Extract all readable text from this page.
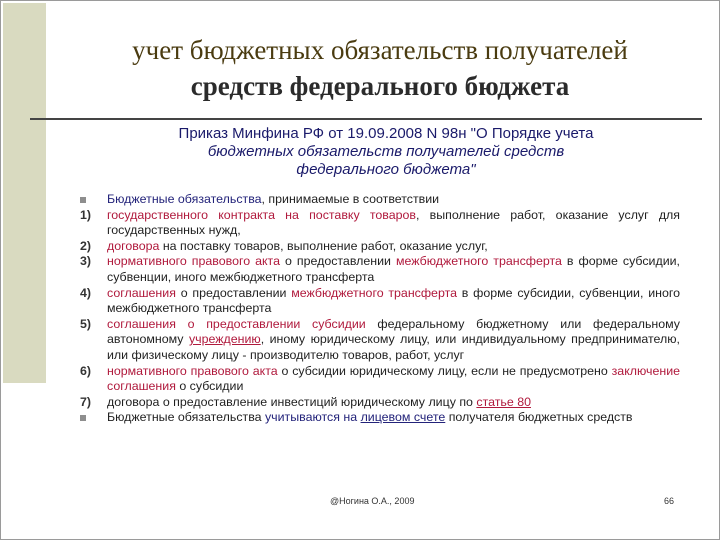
учет бюджетных обязательств получателей
средств федерального бюджета
Приказ Минфина РФ от 19.09.2008 N 98н "О Порядке учета
бюджетных обязательств получателей средств
федерального бюджета"
Бюджетные обязательства, принимаемые в соответствии
1)	государственного контракта на поставку товаров, выполнение работ, оказание услуг для государственных нужд,
2)	договора на поставку товаров, выполнение работ, оказание услуг,
3)	нормативного правового акта о предоставлении межбюджетного трансферта в форме субсидии, субвенции, иного межбюджетного трансферта
4)	соглашения о предоставлении межбюджетного трансферта в форме субсидии, субвенции, иного межбюджетного трансферта
5)	соглашения о предоставлении субсидии федеральному бюджетному или федеральному автономному учреждению, иному юридическому лицу, или индивидуальному предпринимателю, или физическому лицу - производителю товаров, работ, услуг
6)	нормативного правового акта о субсидии юридическому лицу, если не предусмотрено заключение соглашения о субсидии
7)	договора о предоставление инвестиций юридическому лицу по статье 80
Бюджетные обязательства учитываются на лицевом счете получателя бюджетных средств
@Ногина О.А., 2009	66
